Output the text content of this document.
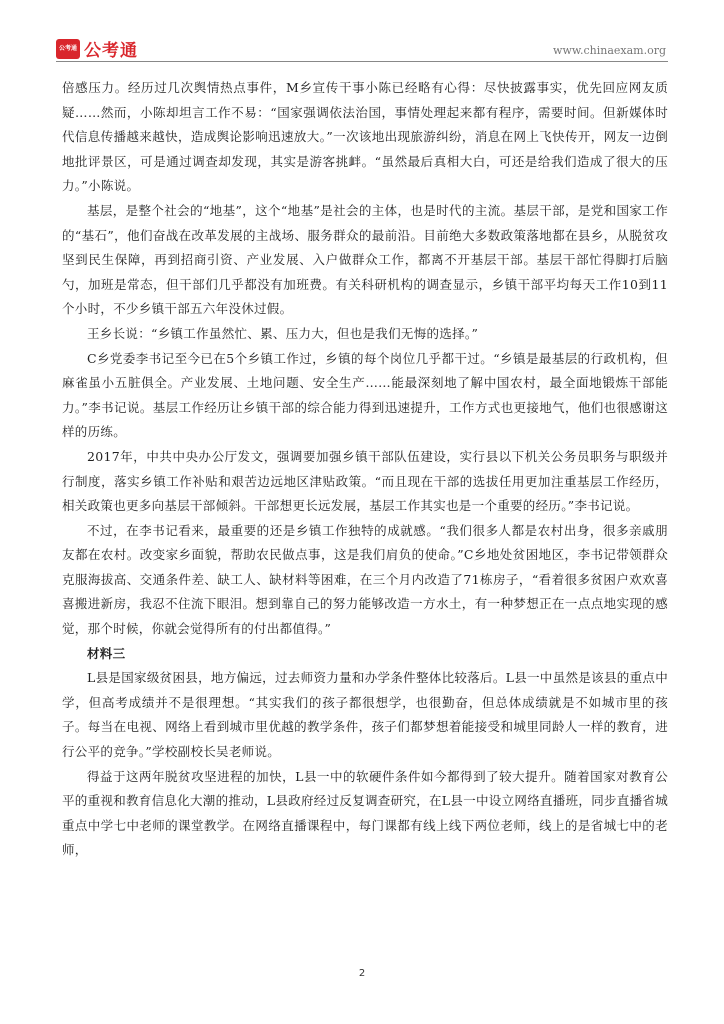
公考通 公考通	www.chinaexam.org

倍感压力。经历过几次舆情热点事件，M乡宣传干事小陈已经略有心得：尽快披露事实，优先回应网友质疑……然而，小陈却坦言工作不易：“国家强调依法治国，事情处理起来都有程序，需要时间。但新媒体时代信息传播越来越快，造成舆论影响迅速放大。”一次该地出现旅游纠纷，消息在网上飞快传开，网友一边倒地批评景区，可是通过调查却发现，其实是游客挑衅。“虽然最后真相大白，可还是给我们造成了很大的压力。”小陈说。

基层，是整个社会的“地基”，这个“地基”是社会的主体，也是时代的主流。基层干部，是党和国家工作的“基石”，他们奋战在改革发展的主战场、服务群众的最前沿。目前绝大多数政策落地都在县乡，从脱贫攻坚到民生保障，再到招商引资、产业发展、入户做群众工作，都离不开基层干部。基层干部忙得脚打后脑勺，加班是常态，但干部们几乎都没有加班费。有关科研机构的调查显示，乡镇干部平均每天工作10到11个小时，不少乡镇干部五六年没休过假。

王乡长说：“乡镇工作虽然忙、累、压力大，但也是我们无悔的选择。”

C乡党委李书记至今已在5个乡镇工作过，乡镇的每个岗位几乎都干过。“乡镇是最基层的行政机构，但麻雀虽小五脏俱全。产业发展、土地问题、安全生产……能最深刻地了解中国农村，最全面地锻炼干部能力。”李书记说。基层工作经历让乡镇干部的综合能力得到迅速提升，工作方式也更接地气，他们也很感谢这样的历练。

2017年，中共中央办公厅发文，强调要加强乡镇干部队伍建设，实行县以下机关公务员职务与职级并行制度，落实乡镇工作补贴和艰苦边远地区津贴政策。“而且现在干部的选拔任用更加注重基层工作经历，相关政策也更多向基层干部倾斜。干部想更长远发展，基层工作其实也是一个重要的经历。”李书记说。

不过，在李书记看来，最重要的还是乡镇工作独特的成就感。“我们很多人都是农村出身，很多亲戚朋友都在农村。改变家乡面貌，帮助农民做点事，这是我们肩负的使命。”C乡地处贫困地区，李书记带领群众克服海拔高、交通条件差、缺工人、缺材料等困难，在三个月内改造了71栋房子，“看着很多贫困户欢欢喜喜搬进新房，我忍不住流下眼泪。想到靠自己的努力能够改造一方水土，有一种梦想正在一点点地实现的感觉，那个时候，你就会觉得所有的付出都值得。”

材料三

L县是国家级贫困县，地方偏远，过去师资力量和办学条件整体比较落后。L县一中虽然是该县的重点中学，但高考成绩并不是很理想。“其实我们的孩子都很想学，也很勤奋，但总体成绩就是不如城市里的孩子。每当在电视、网络上看到城市里优越的教学条件，孩子们都梦想着能接受和城里同龄人一样的教育，进行公平的竞争。”学校副校长吴老师说。

得益于这两年脱贫攻坚进程的加快，L县一中的软硬件条件如今都得到了较大提升。随着国家对教育公平的重视和教育信息化大潮的推动，L县政府经过反复调查研究，在L县一中设立网络直播班，同步直播省城重点中学七中老师的课堂教学。在网络直播课程中，每门课都有线上线下两位老师，线上的是省城七中的老师，

2
